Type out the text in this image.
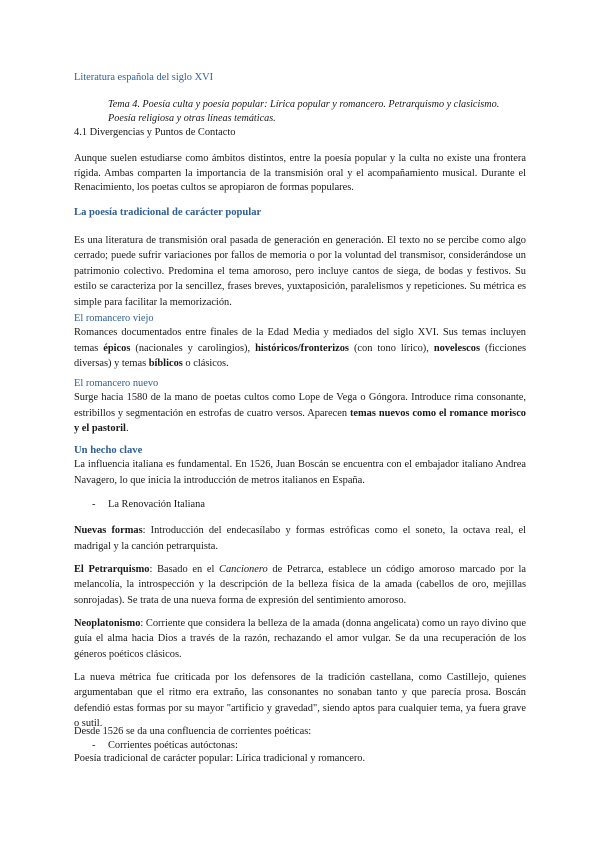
Literatura española del siglo XVI
Tema 4. Poesía culta y poesía popular: Lírica popular y romancero. Petrarquismo y clasicismo. Poesía religiosa y otras líneas temáticas.
4.1 Divergencias y Puntos de Contacto
Aunque suelen estudiarse como ámbitos distintos, entre la poesía popular y la culta no existe una frontera rígida. Ambas comparten la importancia de la transmisión oral y el acompañamiento musical. Durante el Renacimiento, los poetas cultos se apropiaron de formas populares.
La poesía tradicional de carácter popular
Es una literatura de transmisión oral pasada de generación en generación. El texto no se percibe como algo cerrado; puede sufrir variaciones por fallos de memoria o por la voluntad del transmisor, considerándose un patrimonio colectivo. Predomina el tema amoroso, pero incluye cantos de siega, de bodas y festivos. Su estilo se caracteriza por la sencillez, frases breves, yuxtaposición, paralelismos y repeticiones. Su métrica es simple para facilitar la memorización.
El romancero viejo
Romances documentados entre finales de la Edad Media y mediados del siglo XVI. Sus temas incluyen temas épicos (nacionales y carolingios), históricos/fronterizos (con tono lírico), novelescos (ficciones diversas) y temas bíblicos o clásicos.
El romancero nuevo
Surge hacia 1580 de la mano de poetas cultos como Lope de Vega o Góngora. Introduce rima consonante, estribillos y segmentación en estrofas de cuatro versos. Aparecen temas nuevos como el romance morisco y el pastoril.
Un hecho clave
La influencia italiana es fundamental. En 1526, Juan Boscán se encuentra con el embajador italiano Andrea Navagero, lo que inicia la introducción de metros italianos en España.
- La Renovación Italiana
Nuevas formas: Introducción del endecasílabo y formas estróficas como el soneto, la octava real, el madrigal y la canción petrarquista.
El Petrarquismo: Basado en el Cancionero de Petrarca, establece un código amoroso marcado por la melancolía, la introspección y la descripción de la belleza física de la amada (cabellos de oro, mejillas sonrojadas). Se trata de una nueva forma de expresión del sentimiento amoroso.
Neoplatonismo: Corriente que considera la belleza de la amada (donna angelicata) como un rayo divino que guía el alma hacia Dios a través de la razón, rechazando el amor vulgar. Se da una recuperación de los géneros poéticos clásicos.
La nueva métrica fue criticada por los defensores de la tradición castellana, como Castillejo, quienes argumentaban que el ritmo era extraño, las consonantes no sonaban tanto y que parecía prosa. Boscán defendió estas formas por su mayor "artificio y gravedad", siendo aptos para cualquier tema, ya fuera grave o sutil.
Desde 1526 se da una confluencia de corrientes poéticas:
- Corrientes poéticas autóctonas:
Poesía tradicional de carácter popular: Lírica tradicional y romancero.
